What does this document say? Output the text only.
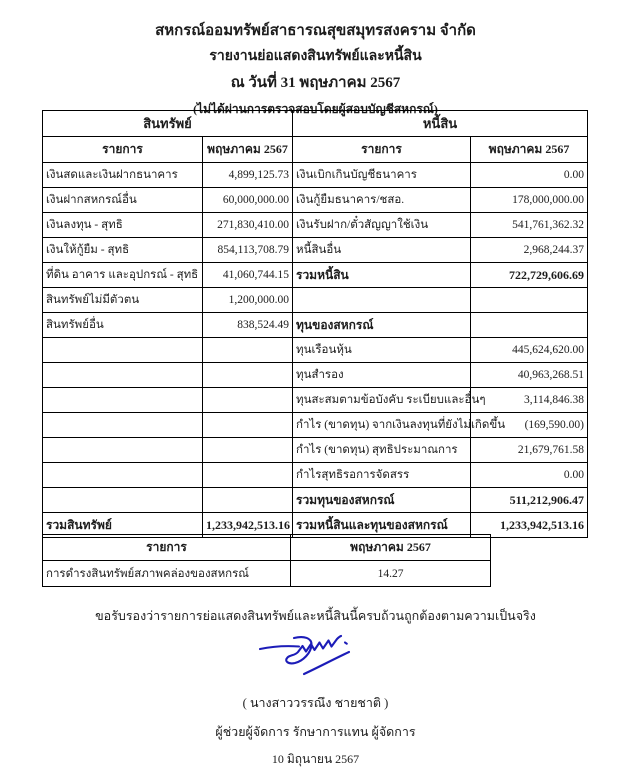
สหกรณ์ออมทรัพย์สาธารณสุขสมุทรสงคราม จำกัด
รายงานย่อแสดงสินทรัพย์และหนี้สิน
ณ วันที่ 31 พฤษภาคม 2567
(ไม่ได้ผ่านการตรวจสอบโดยผู้สอบบัญชีสหกรณ์)
สินทรัพย์		หนี้สิน	
รายการ	พฤษภาคม 2567	รายการ	พฤษภาคม 2567
เงินสดและเงินฝากธนาคาร	4,899,125.73	เงินเบิกเกินบัญชีธนาคาร	0.00
เงินฝากสหกรณ์อื่น	60,000,000.00	เงินกู้ยืมธนาคาร/ชสอ.	178,000,000.00
เงินลงทุน - สุทธิ	271,830,410.00	เงินรับฝาก/ตั๋วสัญญาใช้เงิน	541,761,362.32
เงินให้กู้ยืม - สุทธิ	854,113,708.79	หนี้สินอื่น	2,968,244.37
ที่ดิน อาคาร และอุปกรณ์ - สุทธิ	41,060,744.15	รวมหนี้สิน	722,729,606.69
สินทรัพย์ไม่มีตัวตน	1,200,000.00		
สินทรัพย์อื่น	838,524.49	ทุนของสหกรณ์	
		ทุนเรือนหุ้น	445,624,620.00
		ทุนสำรอง	40,963,268.51
		ทุนสะสมตามข้อบังคับ ระเบียบและอื่นๆ	3,114,846.38
		กำไร (ขาดทุน) จากเงินลงทุนที่ยังไม่เกิดขึ้น	(169,590.00)
		กำไร (ขาดทุน) สุทธิประมาณการ	21,679,761.58
		กำไรสุทธิรอการจัดสรร	0.00
		รวมทุนของสหกรณ์	511,212,906.47
รวมสินทรัพย์	1,233,942,513.16	รวมหนี้สินและทุนของสหกรณ์	1,233,942,513.16
รายการ	พฤษภาคม 2567
การดำรงสินทรัพย์สภาพคล่องของสหกรณ์	14.27
ขอรับรองว่ารายการย่อแสดงสินทรัพย์และหนี้สินนี้ครบถ้วนถูกต้องตามความเป็นจริง
( นางสาววรรณึง ชายชาติ )
ผู้ช่วยผู้จัดการ รักษาการแทน ผู้จัดการ
10 มิถุนายน 2567
